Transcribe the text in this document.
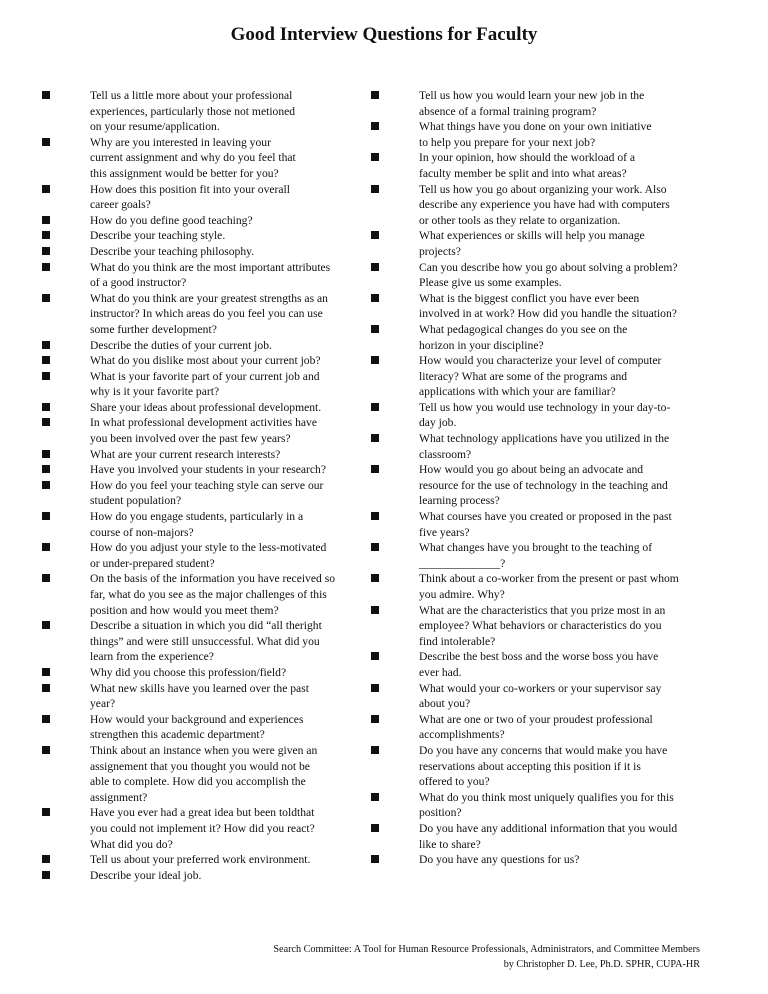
Good Interview Questions for Faculty
Tell us a little more about your professional
experiences, particularly those not metioned
on your resume/application.
Why are you interested in leaving your
current assignment and why do you feel that
this assignment would be better for you?
How does this position fit into your overall
career goals?
How do you define good teaching?
Describe your teaching style.
Describe your teaching philosophy.
What do you think are the most important attributes
of a good instructor?
What do you think are your greatest strengths as an
instructor? In which areas do you feel you can use
some further development?
Describe the duties of your current job.
What do you dislike most about your current job?
What is your favorite part of your current job and
why is it your favorite part?
Share your ideas about professional development.
In what professional development activities have
you been involved over the past few years?
What are your current research interests?
Have you involved your students in your research?
How do you feel your teaching style can serve our
student population?
How do you engage students, particularly in a
course of non-majors?
How do you adjust your style to the less-motivated
or under-prepared student?
On the basis of the information you have received so
far, what do you see as the major challenges of this
position and how would you meet them?
Describe a situation in which you did “all theright
things” and were still unsuccessful. What did you
learn from the experience?
Why did you choose this profession/field?
What new skills have you learned over the past
year?
How would your background and experiences
strengthen this academic department?
Think about an instance when you were given an
assignement that you thought you would not be
able to complete. How did you accomplish the
assignment?
Have you ever had a great idea but been toldthat
you could not implement it? How did you react?
What did you do?
Tell us about your preferred work environment.
Describe your ideal job.
Tell us how you would learn your new job in the
absence of a formal training program?
What things have you done on your own initiative
to help you prepare for your next job?
In your opinion, how should the workload of a
faculty member be split and into what areas?
Tell us how you go about organizing your work. Also
describe any experience you have had with computers
or other tools as they relate to organization.
What experiences or skills will help you manage
projects?
Can you describe how you go about solving a problem?
Please give us some examples.
What is the biggest conflict you have ever been
involved in at work? How did you handle the situation?
What pedagogical changes do you see on the
horizon in your discipline?
How would you characterize your level of computer
literacy? What are some of the programs and
applications with which your are familiar?
Tell us how you would use technology in your day-to-
day job.
What technology applications have you utilized in the
classroom?
How would you go about being an advocate and
resource for the use of technology in the teaching and
learning process?
What courses have you created or proposed in the past
five years?
What changes have you brought to the teaching of
______________?
Think about a co-worker from the present or past whom
you admire. Why?
What are the characteristics that you prize most in an
employee? What behaviors or characteristics do you
find intolerable?
Describe the best boss and the worse boss you have
ever had.
What would your co-workers or your supervisor say
about you?
What are one or two of your proudest professional
accomplishments?
Do you have any concerns that would make you have
reservations about accepting this position if it is
offered to you?
What do you think most uniquely qualifies you for this
position?
Do you have any additional information that you would
like to share?
Do you have any questions for us?
Search Committee: A Tool for Human Resource Professionals, Administrators, and Committee Members
by Christopher D. Lee, Ph.D. SPHR, CUPA-HR
